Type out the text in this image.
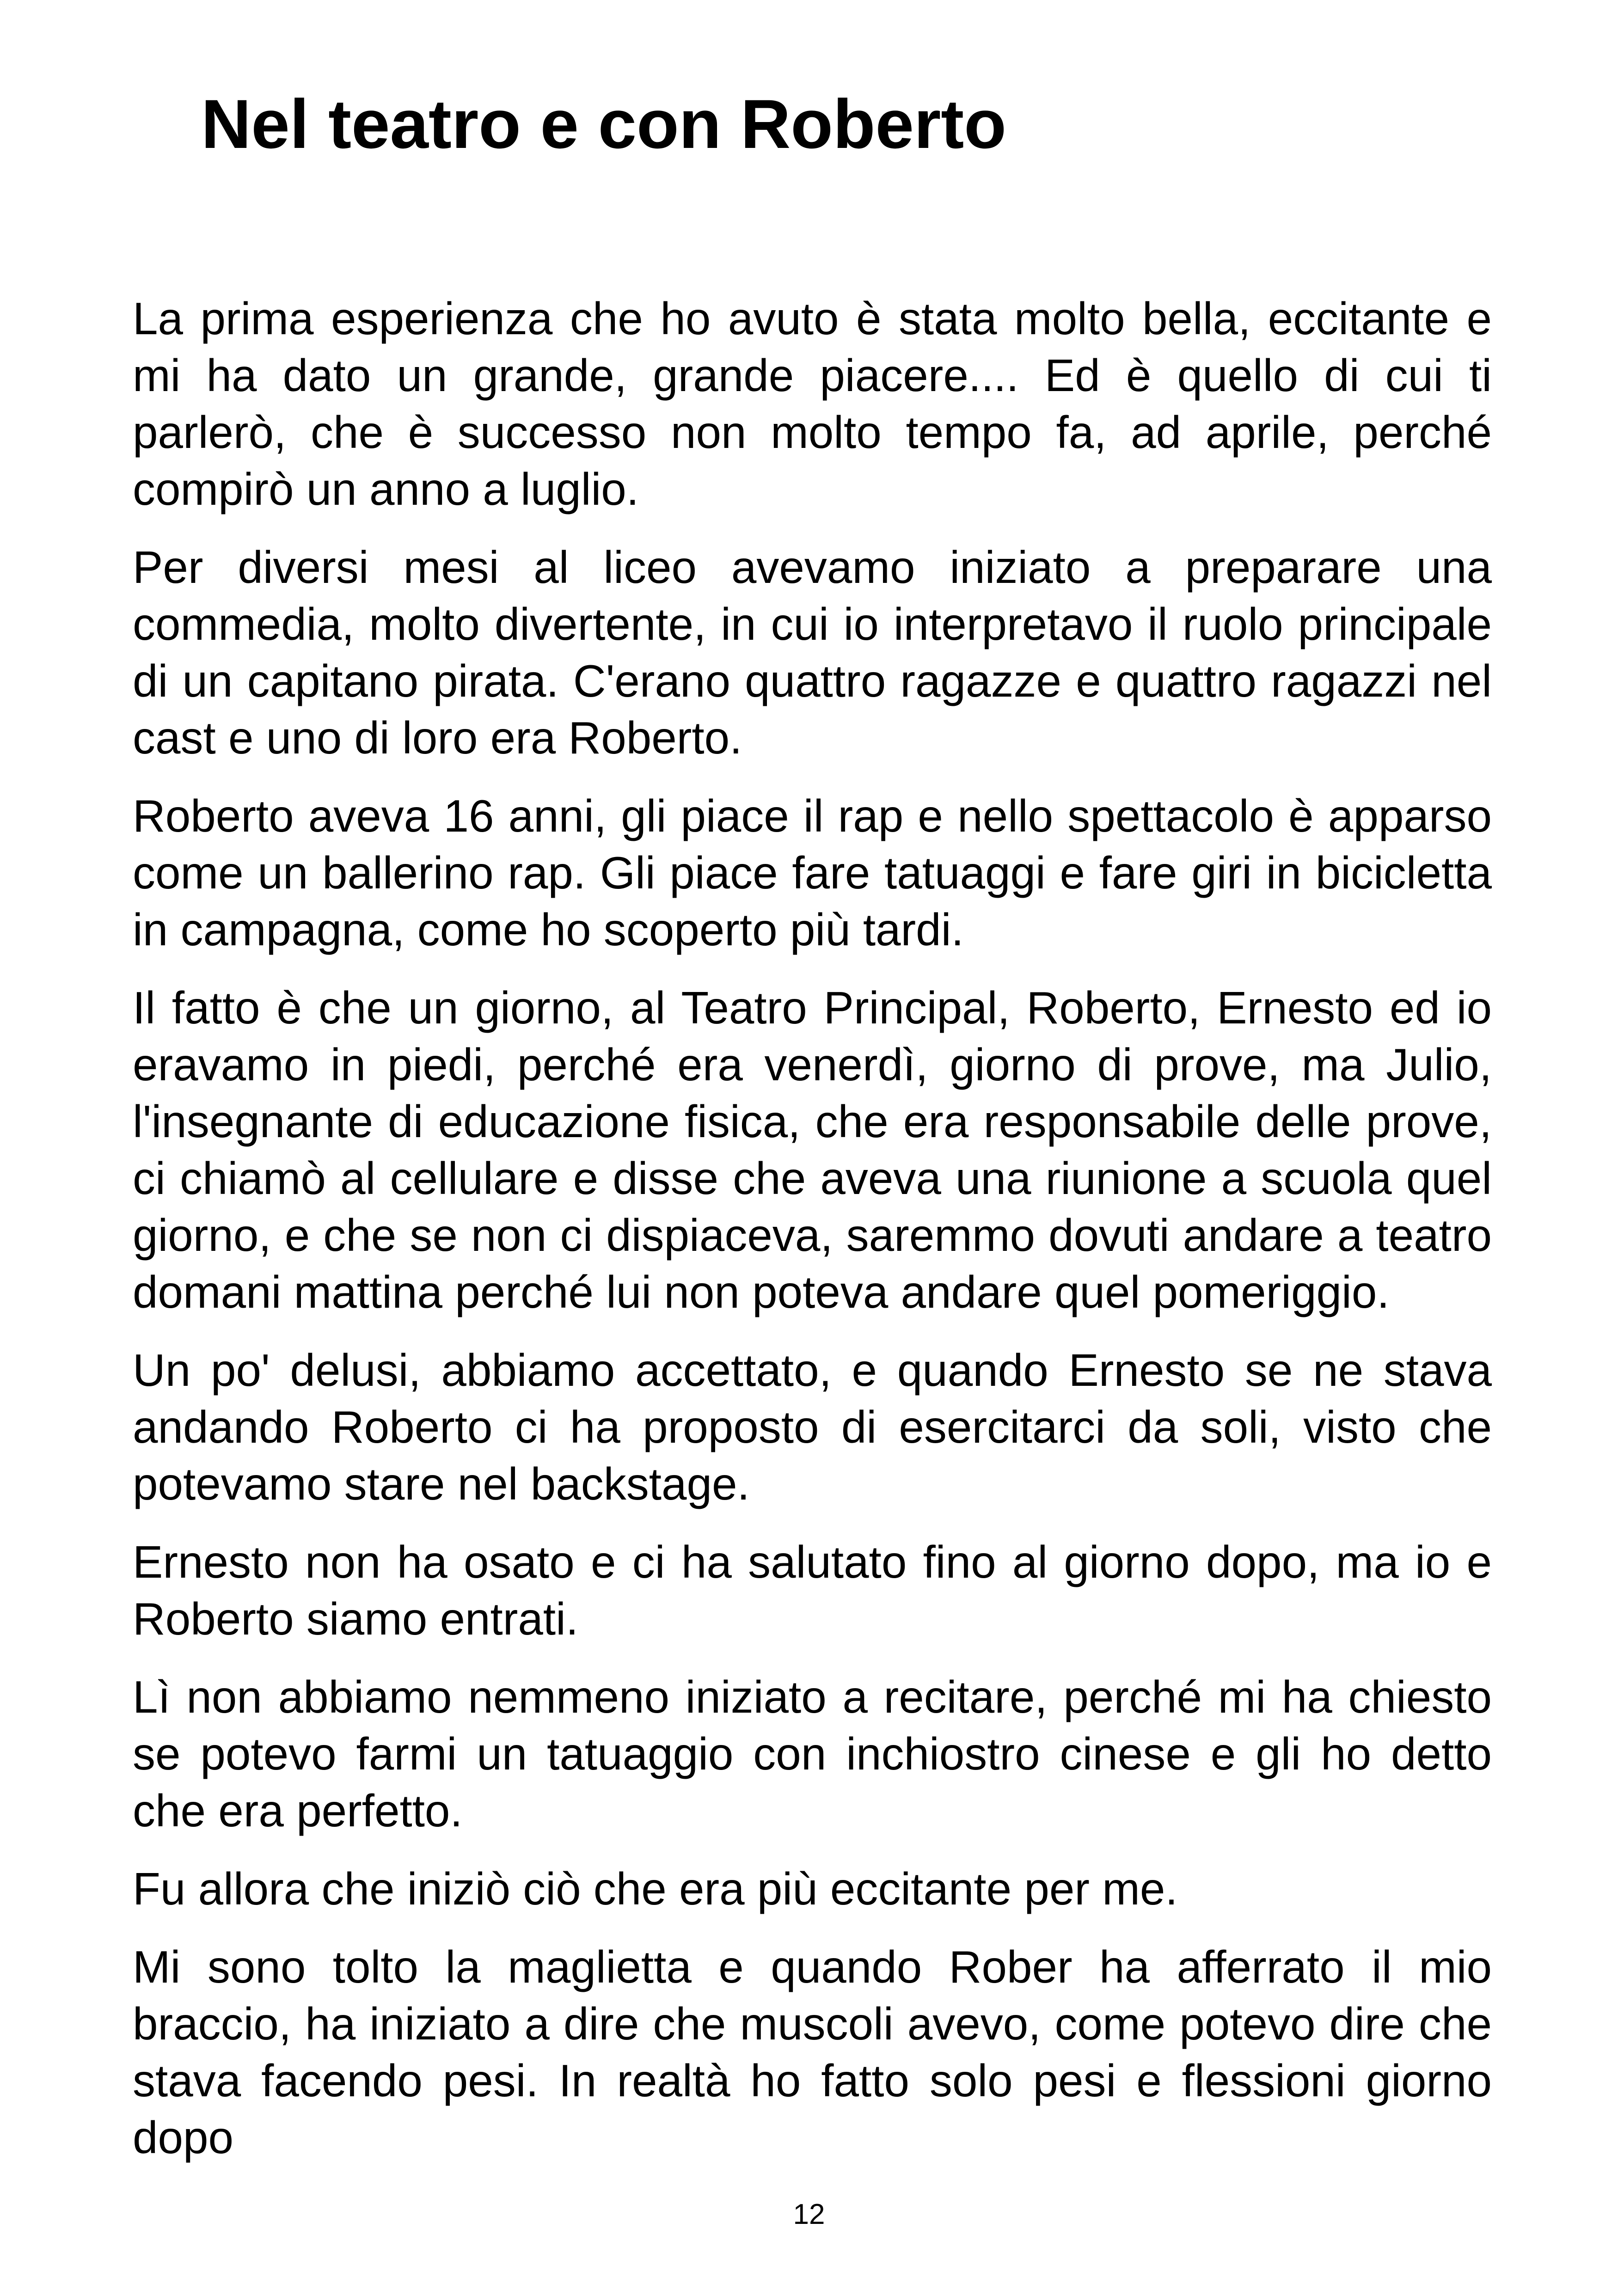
Nel teatro e con Roberto

La prima esperienza che ho avuto è stata molto bella, eccitante e mi ha dato un grande, grande piacere.... Ed è quello di cui ti parlerò, che è successo non molto tempo fa, ad aprile, perché compirò un anno a luglio.

Per diversi mesi al liceo avevamo iniziato a preparare una commedia, molto divertente, in cui io interpretavo il ruolo principale di un capitano pirata. C'erano quattro ragazze e quattro ragazzi nel cast e uno di loro era Roberto.

Roberto aveva 16 anni, gli piace il rap e nello spettacolo è apparso come un ballerino rap. Gli piace fare tatuaggi e fare giri in bicicletta in campagna, come ho scoperto più tardi.

Il fatto è che un giorno, al Teatro Principal, Roberto, Ernesto ed io eravamo in piedi, perché era venerdì, giorno di prove, ma Julio, l'insegnante di educazione fisica, che era responsabile delle prove, ci chiamò al cellulare e disse che aveva una riunione a scuola quel giorno, e che se non ci dispiaceva, saremmo dovuti andare a teatro domani mattina perché lui non poteva andare quel pomeriggio.

Un po' delusi, abbiamo accettato, e quando Ernesto se ne stava andando Roberto ci ha proposto di esercitarci da soli, visto che potevamo stare nel backstage.

Ernesto non ha osato e ci ha salutato fino al giorno dopo, ma io e Roberto siamo entrati.

Lì non abbiamo nemmeno iniziato a recitare, perché mi ha chiesto se potevo farmi un tatuaggio con inchiostro cinese e gli ho detto che era perfetto.

Fu allora che iniziò ciò che era più eccitante per me.

Mi sono tolto la maglietta e quando Rober ha afferrato il mio braccio, ha iniziato a dire che muscoli avevo, come potevo dire che stava facendo pesi. In realtà ho fatto solo pesi e flessioni giorno dopo

12
